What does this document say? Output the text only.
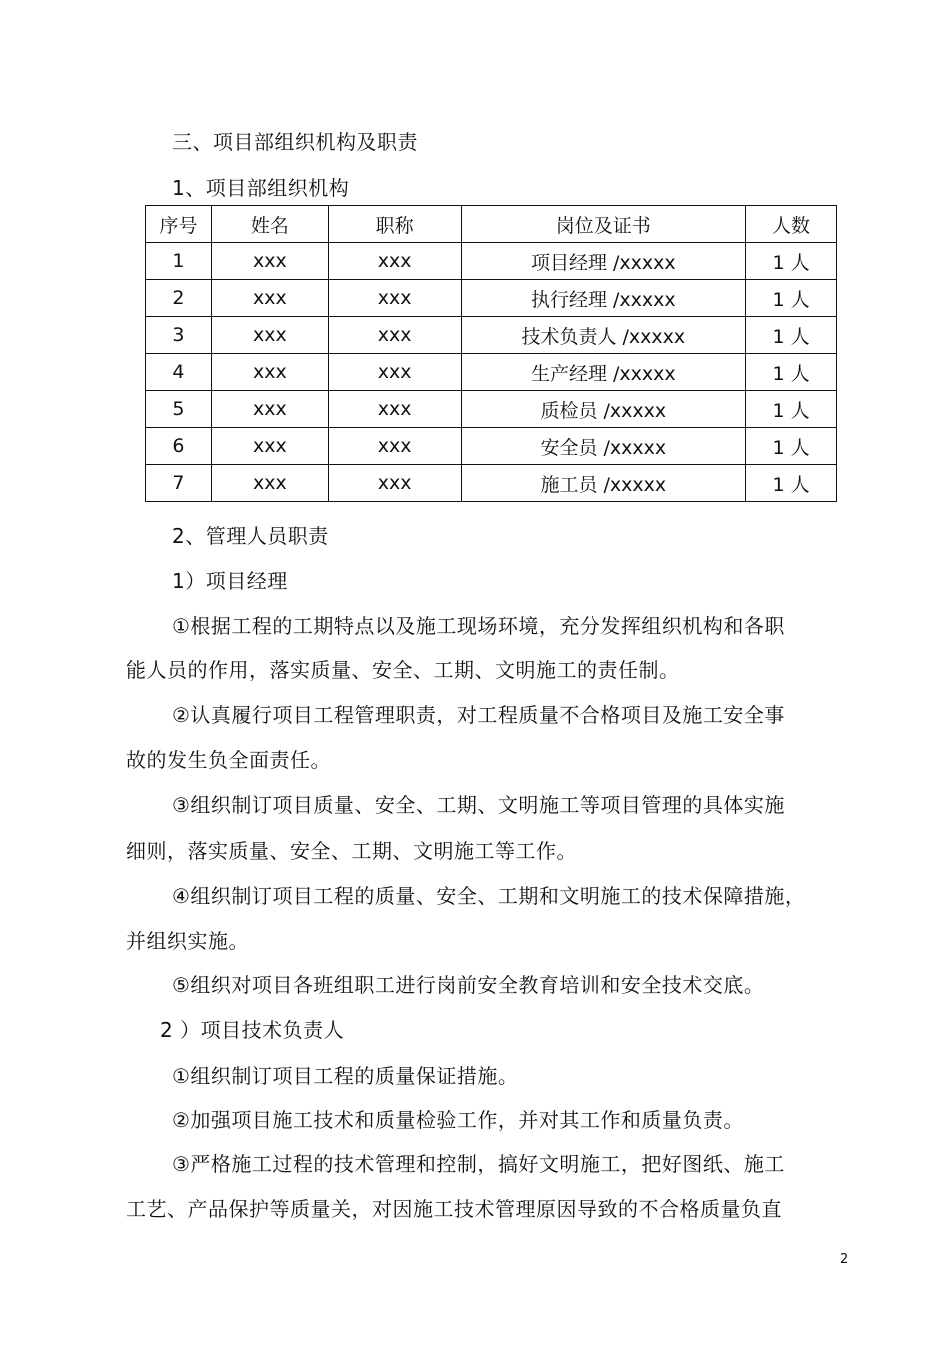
三、项目部组织机构及职责
1、项目部组织机构
序号	姓名	职称	岗位及证书	人数
1	xxx	xxx	项目经理 /xxxxx	1 人
2	xxx	xxx	执行经理 /xxxxx	1 人
3	xxx	xxx	技术负责人 /xxxxx	1 人
4	xxx	xxx	生产经理 /xxxxx	1 人
5	xxx	xxx	质检员 /xxxxx	1 人
6	xxx	xxx	安全员 /xxxxx	1 人
7	xxx	xxx	施工员 /xxxxx	1 人
2、管理人员职责
1）项目经理
①根据工程的工期特点以及施工现场环境，充分发挥组织机构和各职
能人员的作用，落实质量、安全、工期、文明施工的责任制。
②认真履行项目工程管理职责，对工程质量不合格项目及施工安全事
故的发生负全面责任。
③组织制订项目质量、安全、工期、文明施工等项目管理的具体实施
细则，落实质量、安全、工期、文明施工等工作。
④组织制订项目工程的质量、安全、工期和文明施工的技术保障措施，
并组织实施。
⑤组织对项目各班组职工进行岗前安全教育培训和安全技术交底。
2 ）项目技术负责人
①组织制订项目工程的质量保证措施。
②加强项目施工技术和质量检验工作，并对其工作和质量负责。
③严格施工过程的技术管理和控制，搞好文明施工，把好图纸、施工
工艺、产品保护等质量关，对因施工技术管理原因导致的不合格质量负直
2
